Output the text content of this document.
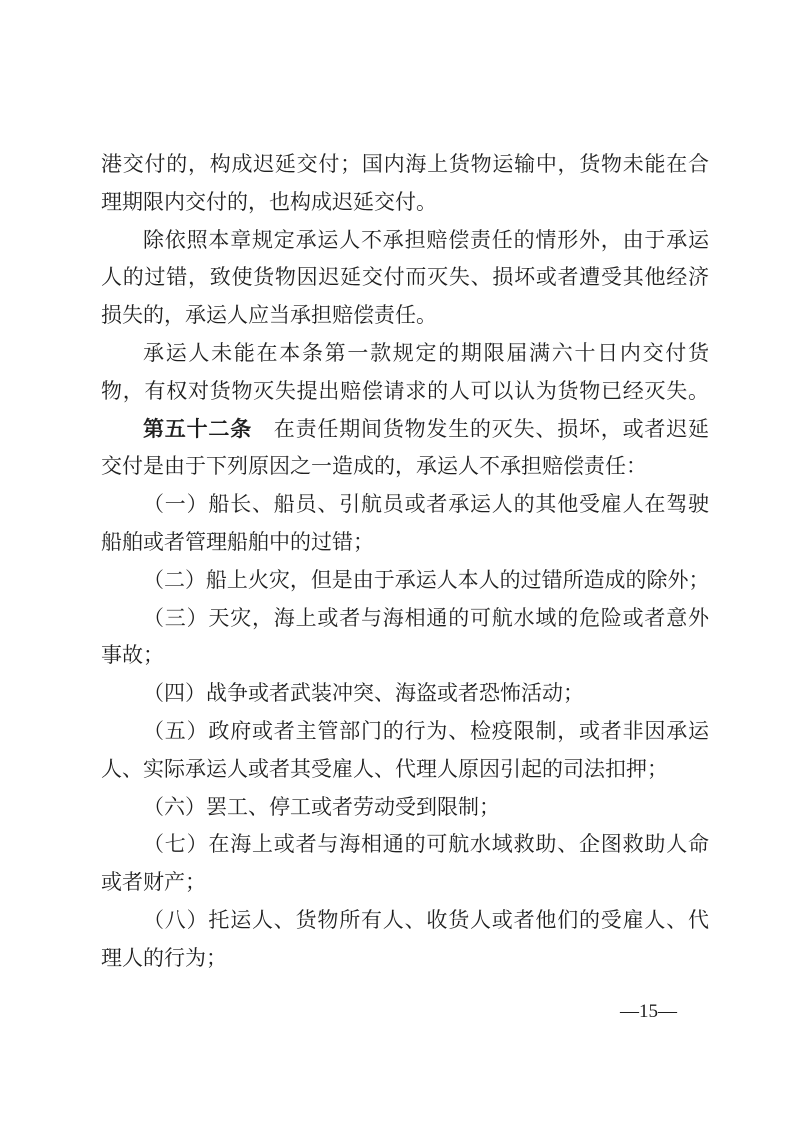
港交付的，构成迟延交付；国内海上货物运输中，货物未能在合
理期限内交付的，也构成迟延交付。
除依照本章规定承运人不承担赔偿责任的情形外，由于承运
人的过错，致使货物因迟延交付而灭失、损坏或者遭受其他经济
损失的，承运人应当承担赔偿责任。
承运人未能在本条第一款规定的期限届满六十日内交付货
物，有权对货物灭失提出赔偿请求的人可以认为货物已经灭失。
第五十二条　在责任期间货物发生的灭失、损坏，或者迟延
交付是由于下列原因之一造成的，承运人不承担赔偿责任：
（一）船长、船员、引航员或者承运人的其他受雇人在驾驶
船舶或者管理船舶中的过错；
（二）船上火灾，但是由于承运人本人的过错所造成的除外；
（三）天灾，海上或者与海相通的可航水域的危险或者意外
事故；
（四）战争或者武装冲突、海盗或者恐怖活动；
（五）政府或者主管部门的行为、检疫限制，或者非因承运
人、实际承运人或者其受雇人、代理人原因引起的司法扣押；
（六）罢工、停工或者劳动受到限制；
（七）在海上或者与海相通的可航水域救助、企图救助人命
或者财产；
（八）托运人、货物所有人、收货人或者他们的受雇人、代
理人的行为；
—15—
